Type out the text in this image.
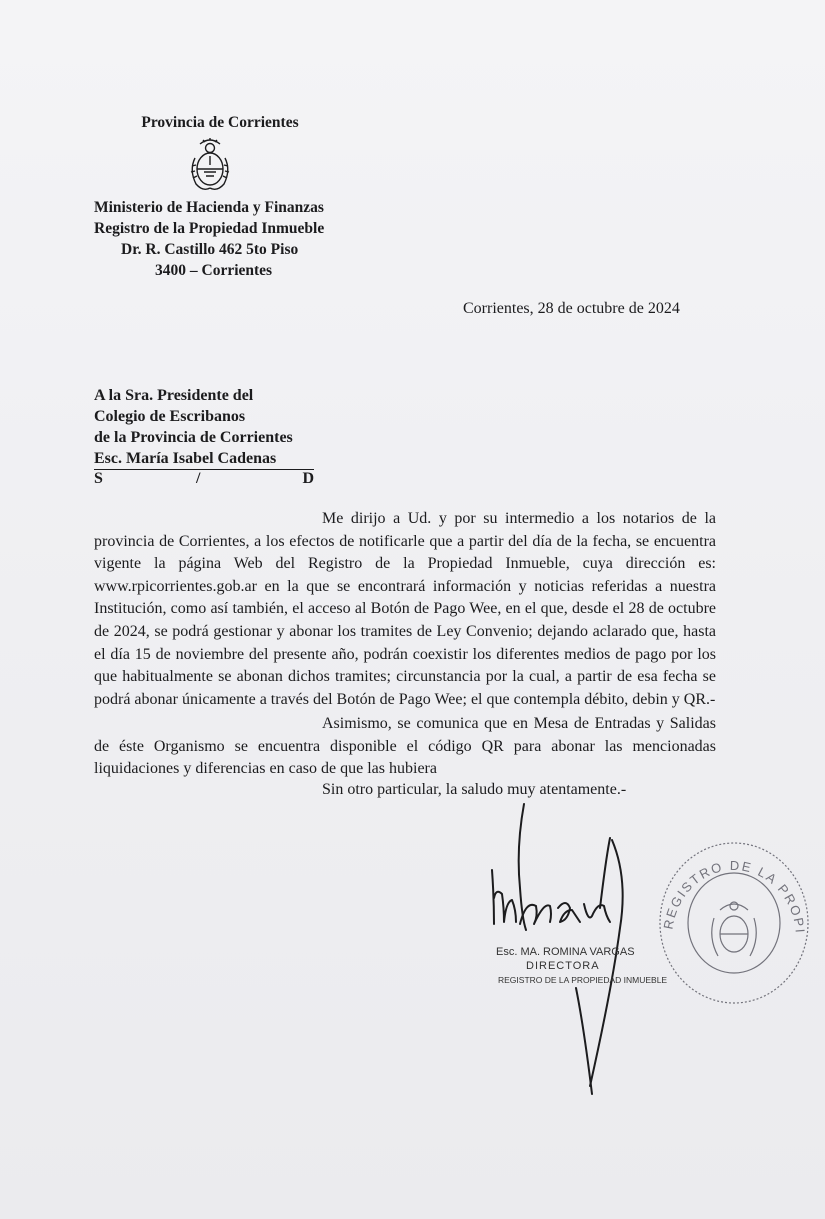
Provincia de Corrientes
Ministerio de Hacienda y Finanzas
Registro de la Propiedad Inmueble
Dr. R. Castillo 462 5to Piso
3400 – Corrientes
Corrientes, 28 de octubre de 2024
A la Sra. Presidente del
Colegio de Escribanos
de la Provincia de Corrientes
Esc. María Isabel Cadenas
S	/	D
Me dirijo a Ud. y por su intermedio a los notarios de la provincia de Corrientes, a los efectos de notificarle que a partir del día de la fecha, se encuentra vigente la página Web del Registro de la Propiedad Inmueble, cuya dirección es: www.rpicorrientes.gob.ar en la que se encontrará información y noticias referidas a nuestra Institución, como así también, el acceso al Botón de Pago Wee, en el que, desde el 28 de octubre de 2024, se podrá gestionar y abonar los tramites de Ley Convenio; dejando aclarado que, hasta el día 15 de noviembre del presente año, podrán coexistir los diferentes medios de pago por los que habitualmente se abonan dichos tramites; circunstancia por la cual, a partir de esa fecha se podrá abonar únicamente a través del Botón de Pago Wee; el que contempla débito, debin y QR.-
Asimismo, se comunica que en Mesa de Entradas y Salidas de éste Organismo se encuentra disponible el código QR para abonar las mencionadas liquidaciones y diferencias en caso de que las hubiera
Sin otro particular, la saludo muy atentamente.-
Esc. MA. ROMINA VARGAS
DIRECTORA
REGISTRO DE LA PROPIEDAD INMUEBLE
REGISTRO DE LA PROPIEDAD · CORRIENTES
